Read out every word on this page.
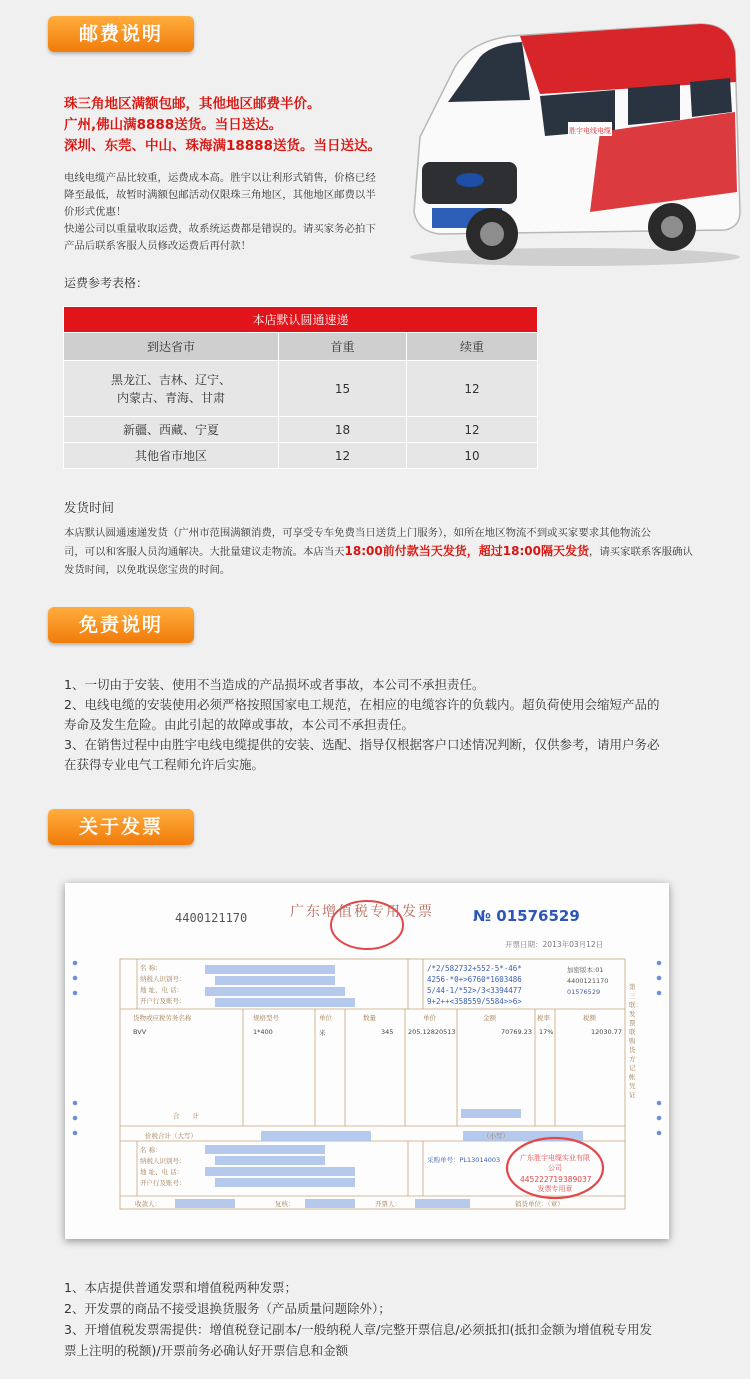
邮费说明
珠三角地区满额包邮，其他地区邮费半价。
广州,佛山满8888送货。当日送达。
深圳、东莞、中山、珠海满18888送货。当日送达。
电线电缆产品比较重，运费成本高。胜宇以让利形式销售，价格已经
降至最低，故暂时满额包邮活动仅限珠三角地区，其他地区邮费以半
价形式优惠！
快递公司以重量收取运费，故系统运费都是错误的。请买家务必拍下
产品后联系客服人员修改运费后再付款！
胜宇电线电缆
运费参考表格：
本店默认圆通速递		
到达省市	首重	续重

黑龙江、吉林、辽宁、
内蒙古、青海、甘肃	15	12
新疆、西藏、宁夏	18	12
其他省市地区	12	10
发货时间
本店默认圆通速递发货（广州市范围满额消费，可享受专车免费当日送货上门服务），如所在地区物流不到或买家要求其他物流公
司，可以和客服人员沟通解决。大批量建议走物流。本店当天18:00前付款当天发货，超过18:00隔天发货，请买家联系客服确认
发货时间，以免耽误您宝贵的时间。
免责说明
1、一切由于安装、使用不当造成的产品损坏或者事故，本公司不承担责任。
2、电线电缆的安装使用必须严格按照国家电工规范，在相应的电缆容许的负载内。超负荷使用会缩短产品的
寿命及发生危险。由此引起的故障或事故，本公司不承担责任。
3、在销售过程中由胜宇电线电缆提供的安装、选配、指导仅根据客户口述情况判断，仅供参考，请用户务必
在获得专业电气工程师允许后实施。
关于发票
4400121170	广东增值税专用发票	№ 01576529
开票日期：2013年03月12日
名 称：
纳税人识别号：
地 址、电 话：
开户行及账号：
/*2/582732+552-5*-46*
4256-*0+>6760*1603486
5/44-1/*52>/3<3394477
9+2++<358559/5584>>6>
加密版本:01
4400121170
01576529
货物或应税劳务名称	规格型号	单位	数量	单价	金额	税率	税额
BVV	1*400	米	345 205.12820513	70769.23 17%	12030.77
合　　计
价税合计（大写）	（小写）
名 称：
纳税人识别号：
地 址、电 话：
开户行及账号：
采购单号：PL13014003	广东胜宇电缆实业有限公司
445222719389037
发票专用章
收款人：	复核：	开票人：	销货单位：（章）
第三联：发票联　购货方记帐凭证
1、本店提供普通发票和增值税两种发票；
2、开发票的商品不接受退换货服务（产品质量问题除外）；
3、开增值税发票需提供：增值税登记副本/一般纳税人章/完整开票信息/必须抵扣(抵扣金额为增值税专用发
票上注明的税额)/开票前务必确认好开票信息和金额
